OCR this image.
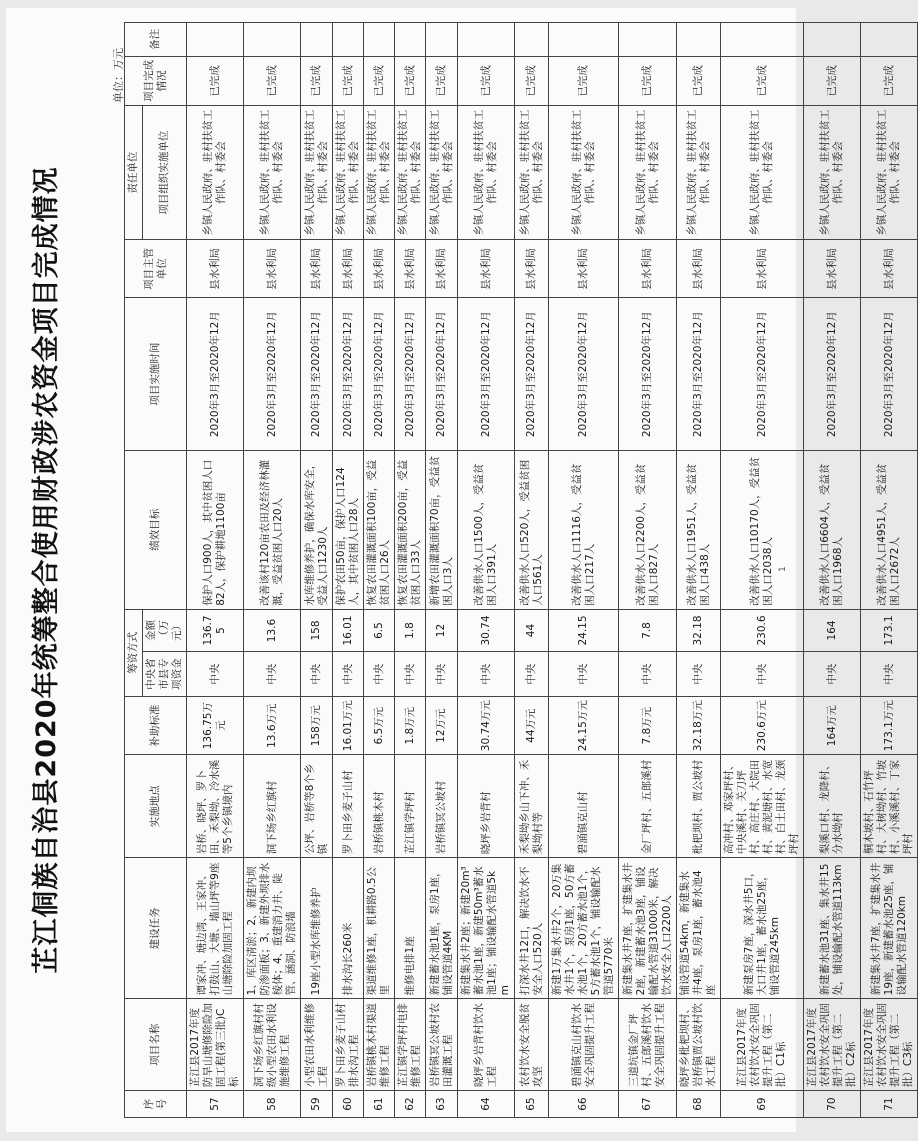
芷江侗族自治县2020年统筹整合使用财政涉农资金项目完成情况
单位：万元
序号	项目名称	建设任务	实施地点	补助标准	筹资方式		绩效目标	项目实施时间	项目主管单位	责任单位	项目完成情况	备注
					中央省市县专项资金	金额（万元）				项目组织实施单位		
57	芷江县2017年度防旱山塘修除险加固工程(第三批)C标	谭家冲、塘边湾、王家冲、打鼓山、大塘、墙山坪等9座山塘除险加固工程	岩桥、晓坪、罗卜田、禾梨坳、冷水溪等5个乡镇境内	136.75万元	中央	136.75	保护人口900人，其中贫困人口82人，保护耕地1100亩	2020年3月至2020年12月	县水利局	乡镇人民政府、驻村扶贫工作队、村委会	已完成	
58	洞下场乡红旗村村级小型农田水利设施维修工程	1、库区清淤；2、新建内坝防渗面板；3、新建外坝排水棱体；4、重建消力井、陡管、涵洞、防浪墙	洞下场乡红旗村	13.6万元	中央	13.6	改善该村120亩农田及经济林灌溉，受益贫困人口20人	2020年3月至2020年12月	县水利局	乡镇人民政府、驻村扶贫工作队、村委会	已完成	
59	小型农田水利维修工程	19座小型水库维修养护	公坪、岩桥等8个乡镇	158万元	中央	158	水库维修养护，确保水库安全，受益人口1230人	2020年3月至2020年12月	县水利局	乡镇人民政府、驻村扶贫工作队、村委会	已完成	
60	罗卜田乡麦子山村排水沟工程	排水沟长260米	罗卜田乡麦子山村	16.01万元	中央	16.01	保护农田50亩，保护人口124人，其中贫困人口28人	2020年3月至2020年12月	县水利局	乡镇人民政府、驻村扶贫工作队、村委会	已完成	
61	岩桥镇桃木村渠道维修工程	渠道维修1座，机耕路0.5公里	岩桥镇桃木村	6.5万元	中央	6.5	恢复农田灌溉面积100亩，受益贫困人口26人	2020年3月至2020年12月	县水利局	乡镇人民政府、驻村扶贫工作队、村委会	已完成	
62	芷江镇学坪村电排维修工程	维修电排1座	芷江镇学坪村	1.8万元	中央	1.8	恢复农田灌溉面积200亩，受益贫困人口33人	2020年3月至2020年12月	县水利局	乡镇人民政府、驻村扶贫工作队、村委会	已完成	
63	岩桥镇冥公坡村农田灌溉工程	新建蓄水池1座，泵房1座，铺设管道4KM	岩桥镇冥公坡村	12万元	中央	12	新增农田灌溉面积70亩，受益贫困人口3人	2020年3月至2020年12月	县水利局	乡镇人民政府、驻村扶贫工作队、村委会	已完成	
64	晓坪乡岩背村饮水工程	新建集水井2座；新建20m³蓄水池1座，新建50m³蓄水池1座；铺设输配水管道5km	晓坪乡岩背村	30.74万元	中央	30.74	改善供水人口1500人，受益贫困人口391人	2020年3月至2020年12月	县水利局	乡镇人民政府、驻村扶贫工作队、村委会	已完成	
65	农村饮水安全脱贫攻坚	打深水井12口，解决饮水不安全人口520人	禾梨坳乡山下冲、禾梨坳村等	44万元	中央	44	改善供水人口520人，受益贫困人口561人	2020年3月至2020年12月	县水利局	乡镇人民政府、驻村扶贫工作队、村委会	已完成	
66	碧涌镇克山村饮水安全巩固提升工程	新建1万集水井2个，20万集水井1个，泵房1座，50方蓄水池1个，20方蓄水池1个，5方蓄水池1个，铺设输配水管道5770米	碧涌镇克山村	24.15万元	中央	24.15	改善供水人口1116人，受益贫困人口217人	2020年3月至2020年12月	县水利局	乡镇人民政府、驻村扶贫工作队、村委会	已完成	
67	三道坑镇金厂坪村、五郎溪村饮水安全巩固提升工程	新建集水井7座，扩建集水井2座，新建蓄水池3座，铺设输配水管道31000米，解决饮水安全人口2200人	金厂坪村、五郎溪村	7.8万元	中央	7.8	改善供水人口2200人，受益贫困人口827人	2020年3月至2020年12月	县水利局	乡镇人民政府、驻村扶贫工作队、村委会	已完成	
68	晓坪乡枇杷坝村、岩桥镇贾公坡村饮水工程	铺设管道54km，新建集水井4座，泵房1座，蓄水池4座	枇杷坝村、贾公坡村	32.18万元	中央	32.18	改善供水人口1951人，受益贫困人口438人	2020年3月至2020年12月	县水利局	乡镇人民政府、驻村扶贫工作队、村委会	已完成	
69	芷江县2017年度农村饮水安全巩固提升工程（第二批）C1标	新建泵房7座，深水井5口，大口井1座，蓄水池25座，铺设管道245km	高冲村、邓家坪村、中央溪村、关刀坪村、高庄村、大院田村、黄泥塘村、水宽村、白土田村、龙颈坪村	230.6万元	中央	230.6	改善供水人口10170人，受益贫困人口2038人	2020年3月至2020年12月	县水利局	乡镇人民政府、驻村扶贫工作队、村委会	已完成	
70	芷江县2017年度农村饮水安全巩固提升工程（第二批）C2标	新建蓄水池31座、集水井15处，铺设输配水管道113km	梨溪口村、龙降村、分水坳村	164万元	中央	164	改善供水人口6604人，受益贫困人口1968人	2020年3月至2020年12月	县水利局	乡镇人民政府、驻村扶贫工作队、村委会	已完成	
71	芷江县2017年度农村饮水安全巩固提升工程（第二批）C3标	新建集水井7座，扩建集水井19座，新建蓄水池25座，铺设输配水管道120km	桐木坡村、石竹坪村、大树坳村、竹坡村、小溪溪村、丁家坪村	173.1万元	中央	173.1	改善供水人口4951人，受益贫困人口2672人	2020年3月至2020年12月	县水利局	乡镇人民政府、驻村扶贫工作队、村委会	已完成	
1
